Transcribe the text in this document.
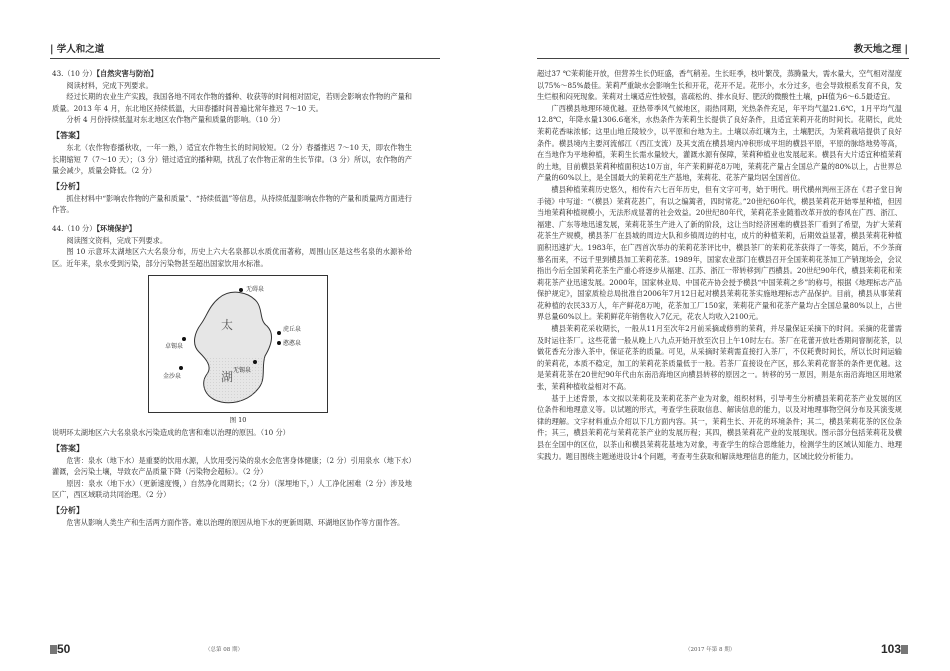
| 学人和之道
43.（10 分）【自然灾害与防治】
阅读材料，完成下列要求。
经过长期的农业生产实践，我国各地不同农作物的播种、收获等的时间相对固定，若则会影响农作物的产量和质量。2013 年 4 月，东北地区持续低温，大田春播时间普遍比常年推迟 7～10 天。
分析 4 月份持续低温对东北地区农作物产量和质量的影响。（10 分）
【答案】
东北（农作物春播秋收，一年一熟，）适宜农作物生长的时间较短。（2 分）春播推迟 7～10 天，即农作物生长期缩短 7（7～10 天）；（3 分）错过适宜的播种期，扰乱了农作物正常的生长节律。（3 分）所以，农作物的产量会减少，质量会降低。（2 分）
【分析】
抓住材料中“影响农作物的产量和质量”、“持续低温”等信息，从持续低温影响农作物的产量和质量两方面进行作答。
44.（10 分）【环境保护】
阅读图文资料，完成下列要求。
图 10 示意环太湖地区六大名泉分布，历史上六大名泉都以水质优而著称，周围山区是这些名泉的水源补给区。近年来，泉水受到污染，部分污染物甚至超出国家饮用水标准。
太
湖
无碍泉
卓锡泉
虎丘泉
憨憨泉
无锡泉
金沙泉
图 10
说明环太湖地区六大名泉泉水污染造成的危害和难以治理的原因。（10 分）
【答案】
危害：泉水（地下水）是重要的饮用水源，人饮用受污染的泉水会危害身体健康；（2 分）引用泉水（地下水）灌溉，会污染土壤，导致农产品质量下降（污染物会超标）。（2 分）
原因：泉水（地下水）（更新速度慢，）自然净化周期长；（2 分）（深埋地下，）人工净化困难（2 分）涉及地区广，西区域联动共同治理。（2 分）
【分析】
危害从影响人类生产和生活两方面作答。难以治理的原因从地下水的更新周期、环湖地区协作等方面作答。
50	（总第 08 期）
教天地之理 |
超过37 ℃茉莉能开放，但营养生长仍旺盛，香气稍差。生长旺季，枝叶繁茂，蒸腾量大，需水量大，空气相对湿度以75%～85%最佳。茉莉严重缺水会影响生长和开花，花开不足。花形小，水分过多，也会导致根系发育不良，发生烂根和闷死现象。茉莉对土壤适应性较强，喜疏松的、排水良好、肥沃的微酸性土壤，pH值为6～6.5最适宜。
广西横县地理环境优越。亚热带季风气候地区，雨热同期，光热条件充足，年平均气温21.6℃，1月平均气温12.8℃，年降水量1306.6毫米，水热条件为茉莉生长提供了良好条件，且适宜茉莉开花的时间长。花期长，此处茉莉花香味浓郁；这里山地丘陵较少，以平原和台地为主。土壤以赤红壤为主，土壤肥沃，为茉莉栽培提供了良好条件。横县境内主要河流郁江（西江支流）及其支流在横县境内冲积形成平坦的横县平原，平原的脉络地势等高，在当地作为平地种植，茉莉生长需水量较大，灌溉水源有保障，茉莉种植业也发展起来。横县有大片适宜种植茉莉的土地，目前横县茉莉种植面积达10万亩，年产茉莉鲜花8万吨，茉莉花产量占全国总产量的80%以上，占世界总产量的60%以上，是全国最大的茉莉花生产基地，茉莉花、花茶产量均居全国首位。
横县种植茉莉历史悠久，相传有六七百年历史，但有文字可考，始于明代。明代横州判州王济在《君子堂日询手镜》中写道：“（横县）茉莉花甚广，有以之编篱者，四时常花。”20世纪60年代，横县茉莉花开始零星种植，但因当地茉莉种植规模小，无法形成显著的社会效益。20世纪80年代，茉莉花茶业随着改革开放的春风在广西、浙江、福建、广东等地迅速发展，茉莉花茶生产进入了新的阶段，这让当时经济困难的横县茶厂看到了希望，为扩大茉莉花茶生产规模，横县茶厂在县城的周边大队和乡镇周边的村屯，成片的种植茉莉，后期效益显著，横县茉莉花种植面积迅速扩大。1983年，在广西首次举办的茉莉花茶评比中，横县茶厂的茉莉花茶获得了一等奖，随后，不少茶商慕名而来，不远千里到横县加工茉莉花茶。1989年，国家农业部门在横县召开全国茉莉花茶加工产销现场会，会议指出今后全国茉莉花茶生产重心将逐步从福建、江苏、浙江一带转移到广西横县。20世纪90年代，横县茉莉花和茉莉花茶产业迅速发展。2000年，国家林业局、中国花卉协会授予横县“中国茉莉之乡”的称号，根据《地理标志产品保护规定》，国家质检总局批准自2006年7月12日起对横县茉莉花茶实施地理标志产品保护。目前，横县从事茉莉花种植的农民33万人，年产鲜花8万吨，花茶加工厂150家，茉莉花产量和花茶产量均占全国总量80%以上，占世界总量60%以上。茉莉鲜花年销售收入7亿元，花农人均收入2100元。
横县茉莉花采收期长，一般从11月至次年2月前采摘或修剪的茉莉，并尽量保证采摘下的时间。采摘的花蕾需及时运往茶厂。这些花蕾一般从晚上八九点开始开放至次日上午10时左右。茶厂在花蕾开放吐香期间窨制花茶，以做花香充分渗入茶中，保证花茶的质量。可见，从采摘时茉莉需直接打入茶厂，不仅耗费时间长，所以长时间运输的茉莉花，本质不稳定，加工的茉莉花茶质量低于一般。若茶厂直接设在产区，那么茉莉花窨茶的条件更优越。这是茉莉花茶在20世纪90年代由东南沿海地区向横县转移的原因之一。转移的另一原因，则是东南沿海地区用地紧张，茉莉种植收益相对不高。
基于上述背景，本文拟以茉莉花及茉莉花茶产业为对象，组织材料，引导考生分析横县茉莉花茶产业发展的区位条件和地理意义等。以试题的形式，考查学生获取信息、解读信息的能力，以及对地理事物空间分布及其演变规律的理解。文字材料重点介绍以下几方面内容。其一，茉莉生长、开花的环境条件；其二，横县茉莉花茶的区位条件；其三，横县茉莉花与茉莉花茶产业的发展历程；其四，横县茉莉花产业的发展现状。图示部分包括茉莉花及横县在全国中的区位，以茶山和横县茉莉花基地为对象，考查学生的综合思维能力，检测学生的区域认知能力、地理实践力。题目围绕主题递进设计4个问题，考查考生获取和解读地理信息的能力，区域比较分析能力。
103
（2017 年第 8 期）
